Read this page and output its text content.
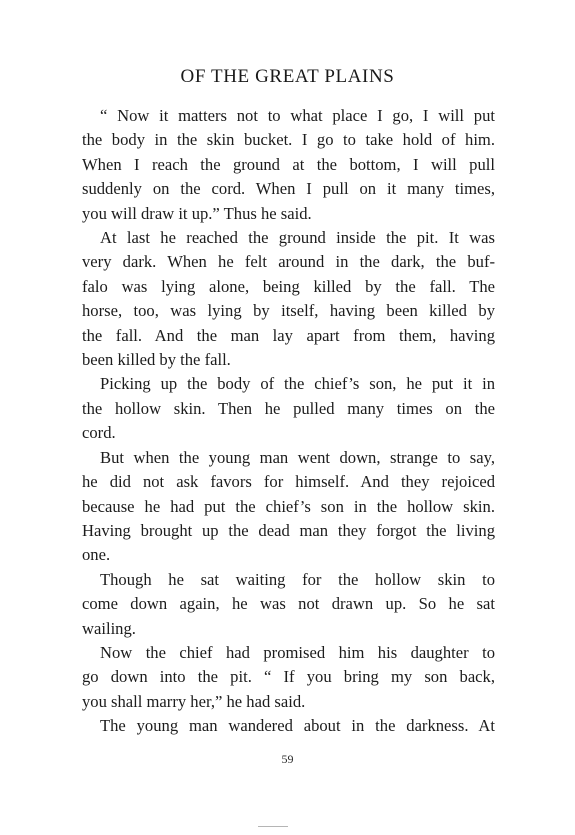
OF THE GREAT PLAINS

“ Now it matters not to what place I go, I will put
the body in the skin bucket. I go to take hold of him.
When I reach the ground at the bottom, I will pull
suddenly on the cord. When I pull on it many times,
you will draw it up.” Thus he said.

At last he reached the ground inside the pit. It was
very dark. When he felt around in the dark, the buf-
falo was lying alone, being killed by the fall. The
horse, too, was lying by itself, having been killed by
the fall. And the man lay apart from them, having
been killed by the fall.

Picking up the body of the chief’s son, he put it in
the hollow skin. Then he pulled many times on the
cord.

But when the young man went down, strange to say,
he did not ask favors for himself. And they rejoiced
because he had put the chief’s son in the hollow skin.
Having brought up the dead man they forgot the living
one.

Though he sat waiting for the hollow skin to
come down again, he was not drawn up. So he sat
wailing.

Now the chief had promised him his daughter to
go down into the pit. “ If you bring my son back,
you shall marry her,” he had said.

The young man wandered about in the darkness. At

59
